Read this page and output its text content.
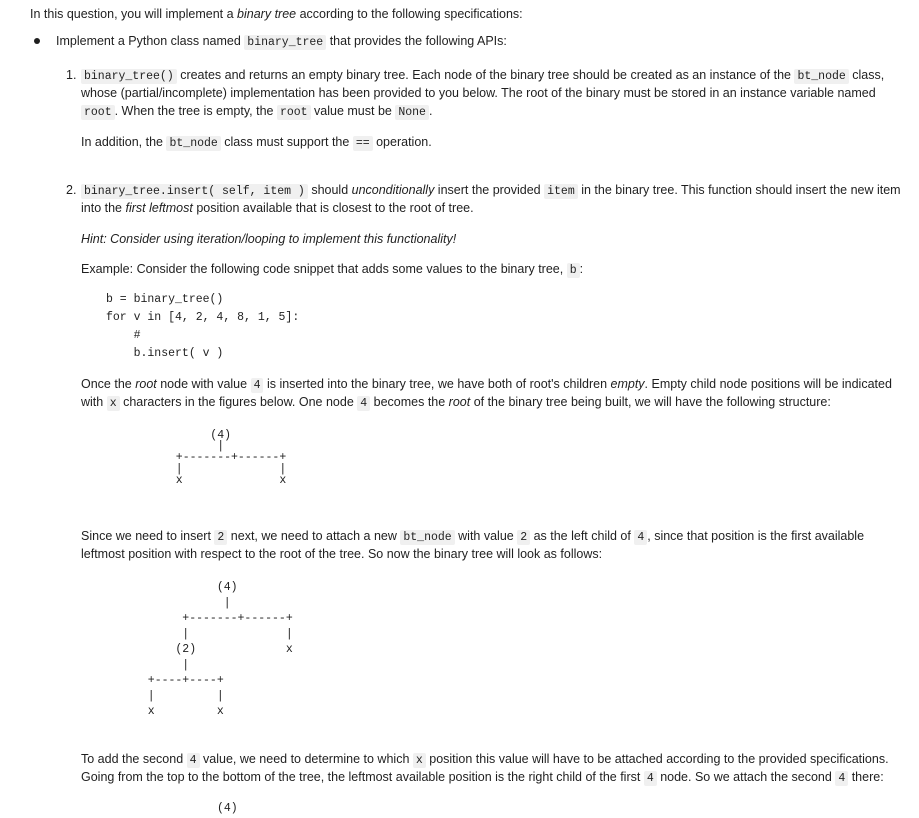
In this question, you will implement a binary tree according to the following specifications:
Implement a Python class named binary_tree that provides the following APIs:
1. binary_tree() creates and returns an empty binary tree. Each node of the binary tree should be created as an instance of the bt_node class,
whose (partial/incomplete) implementation has been provided to you below. The root of the binary must be stored in an instance variable named
root . When the tree is empty, the root value must be None .
In addition, the bt_node class must support the == operation.
2. binary_tree.insert( self, item ) should unconditionally insert the provided item in the binary tree. This function should insert the new item
into the first leftmost position available that is closest to the root of tree.
Hint: Consider using iteration/looping to implement this functionality!
Example: Consider the following code snippet that adds some values to the binary tree, b :
b = binary_tree()
for v in [4, 2, 4, 8, 1, 5]:
#
b.insert( v )
Once the root node with value 4 is inserted into the binary tree, we have both of root's children empty. Empty child node positions will be indicated
with x characters in the figures below. One node 4 becomes the root of the binary tree being built, we will have the following structure:
(4)
|
+-------+------+
|              |
x              x
Since we need to insert 2 next, we need to attach a new bt_node with value 2 as the left child of 4 , since that position is the first available
leftmost position with respect to the root of the tree. So now the binary tree will look as follows:
(4)
|
+-------+------+
|              |
(2)             x
|
+----+----+
|         |
x         x
To add the second 4 value, we need to determine to which x position this value will have to be attached according to the provided specifications.
Going from the top to the bottom of the tree, the leftmost available position is the right child of the first 4 node. So we attach the second 4 there:
(4)
